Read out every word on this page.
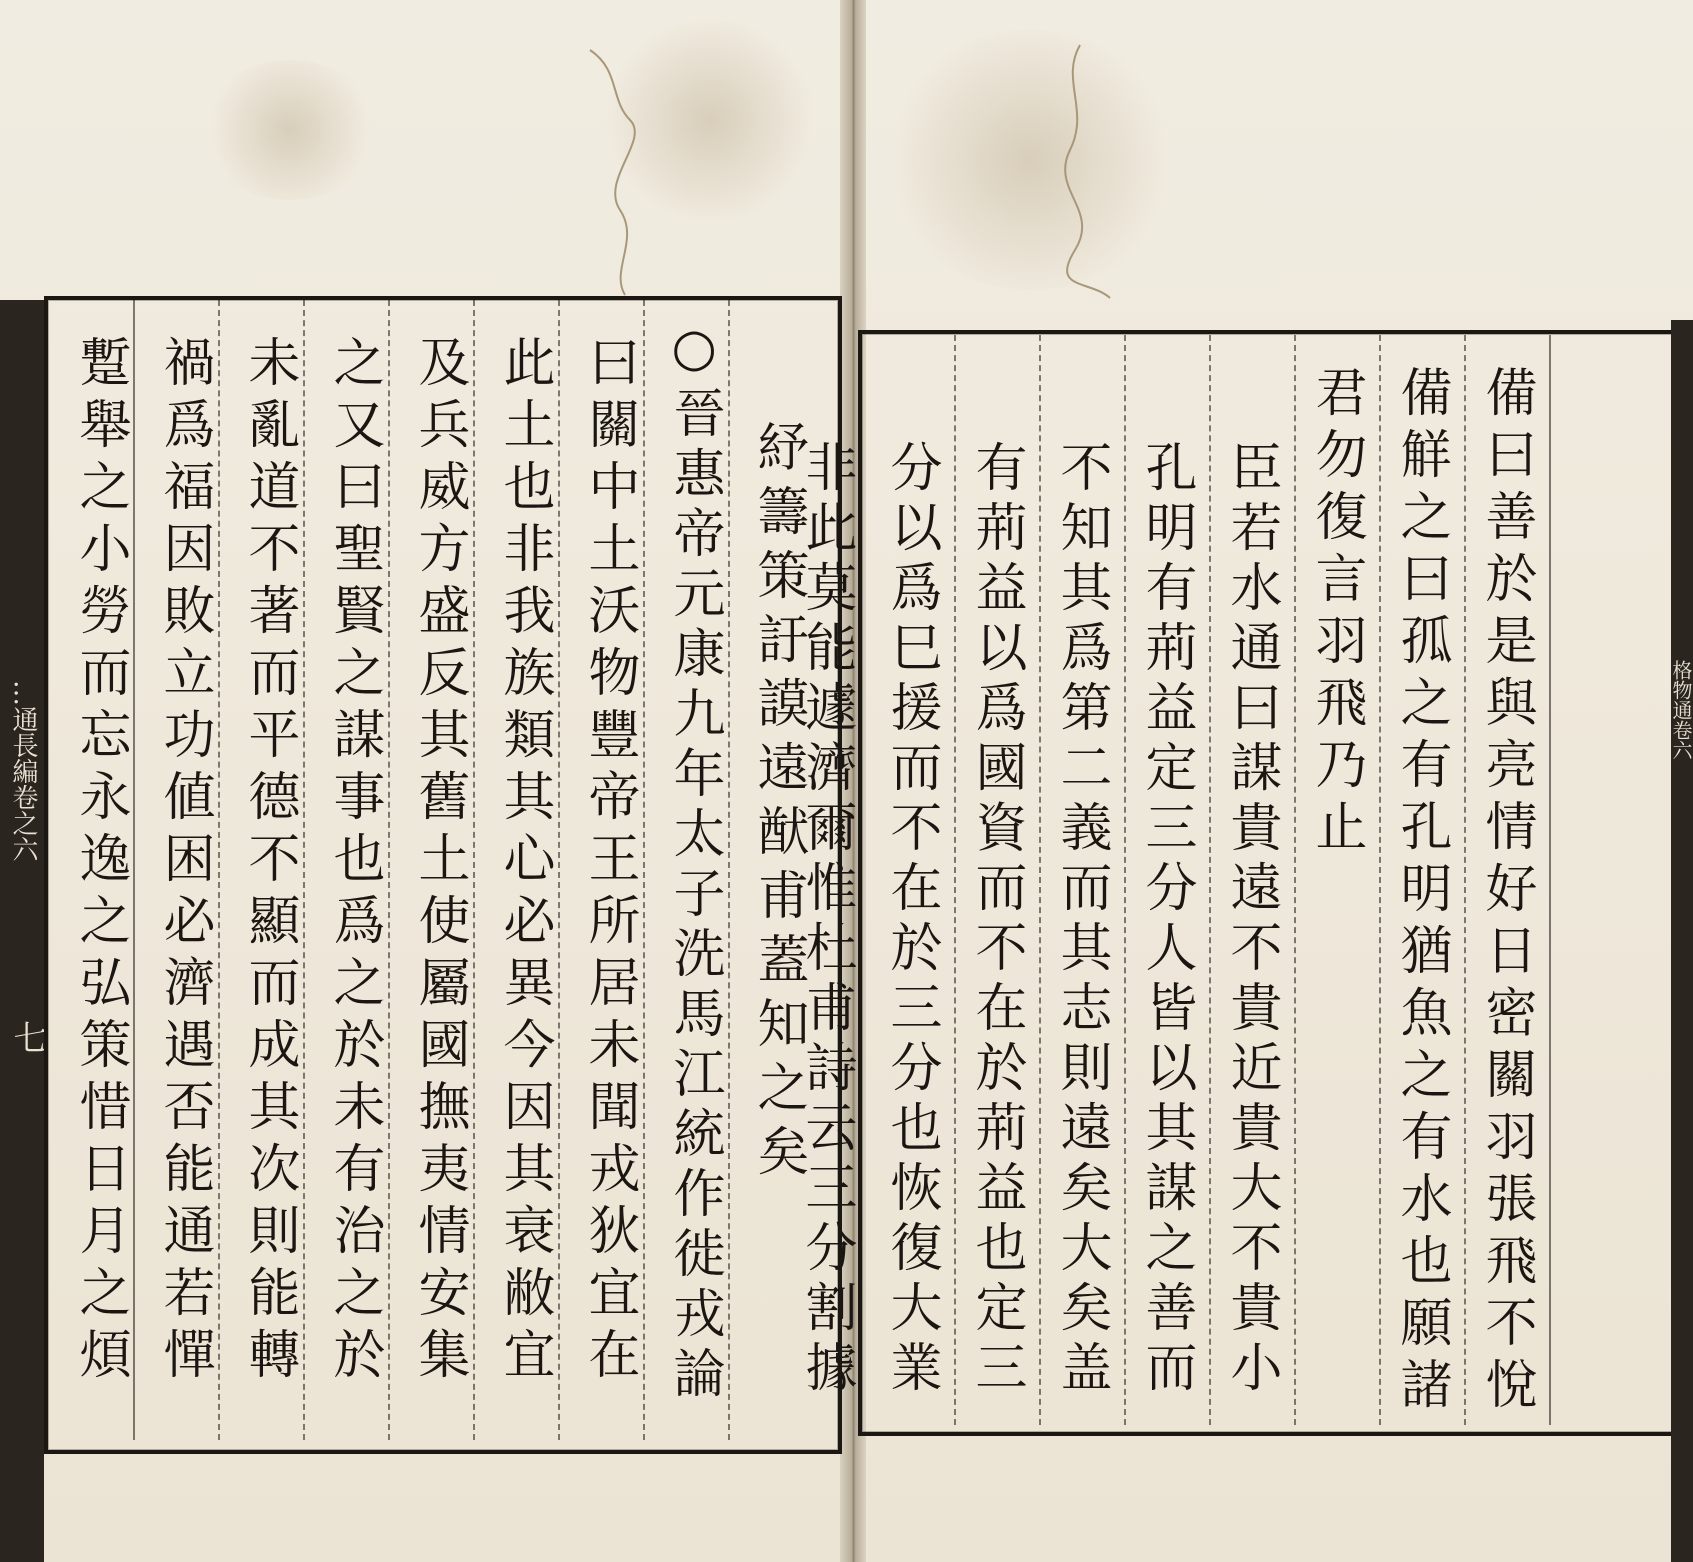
…通長編卷之六
七	紓籌策訏謨遠猷甫蓋知之矣
○晉惠帝元康九年太子洗馬江統作徙戎論
曰關中土沃物豐帝王所居未聞戎狄宜在
此土也非我族類其心必異今因其衰敝宜
及兵威方盛反其舊土使屬國撫夷情安集
之又曰聖賢之謀事也爲之於未有治之於
未亂道不著而平德不顯而成其次則能轉
禍爲福因敗立功値困必濟遇否能通若憚
蹔舉之小勞而忘永逸之弘策惜日月之煩	格物通卷六
備曰善於是與亮情好日密關羽張飛不悅
備觧之曰孤之有孔明猶魚之有水也願諸
君勿復言羽飛乃止
臣若水通曰謀貴遠不貴近貴大不貴小
孔明有荊益定三分人皆以其謀之善而
不知其爲第二義而其志則遠矣大矣盖
有荊益以爲國資而不在於荊益也定三
分以爲巳援而不在於三分也恢復大業
非此莫能遽濟爾惟杜甫詩云三分割據
